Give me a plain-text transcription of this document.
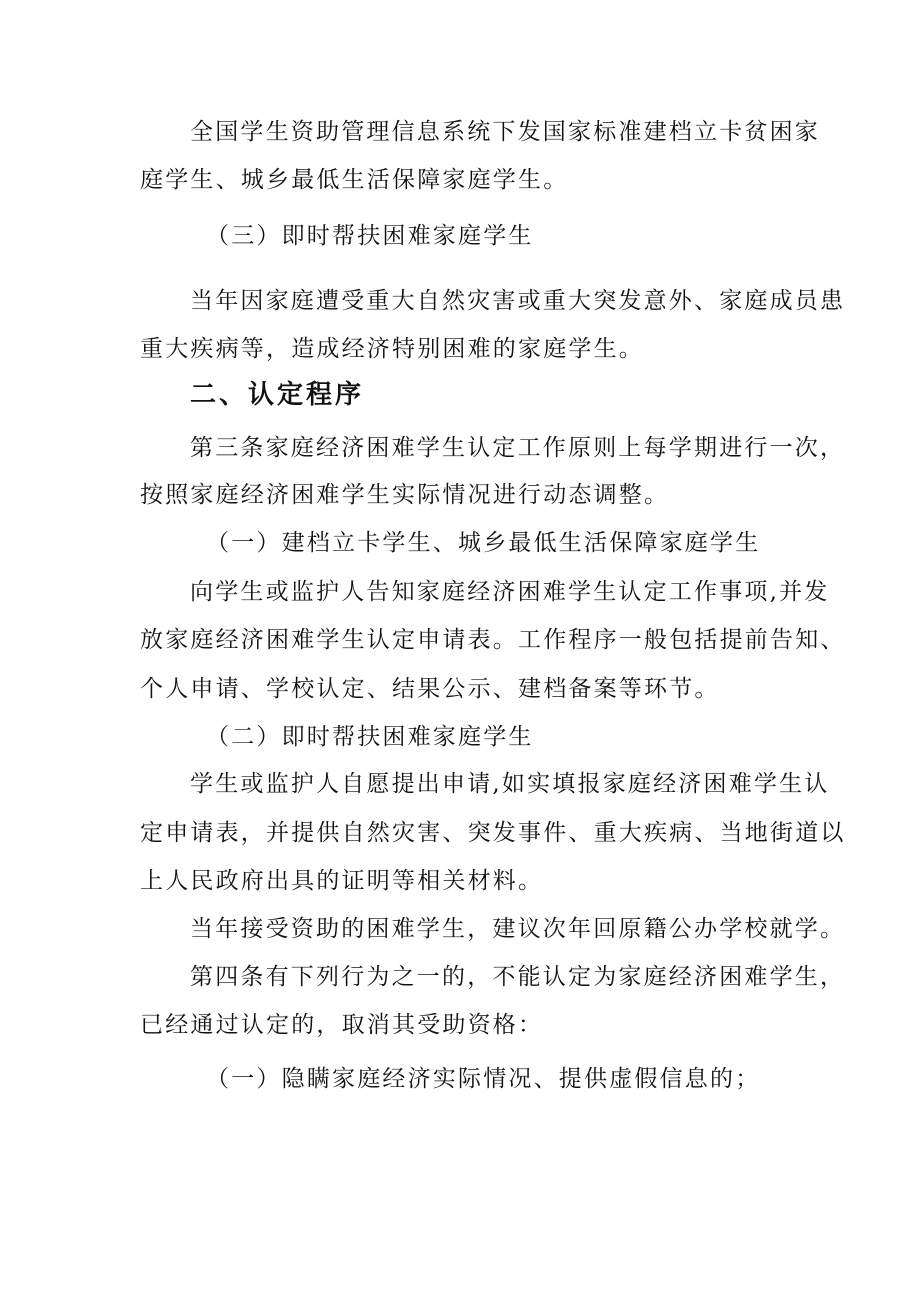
全国学生资助管理信息系统下发国家标准建档立卡贫困家
庭学生、城乡最低生活保障家庭学生。
（三）即时帮扶困难家庭学生
当年因家庭遭受重大自然灾害或重大突发意外、家庭成员患
重大疾病等，造成经济特别困难的家庭学生。
二、认定程序
第三条家庭经济困难学生认定工作原则上每学期进行一次，
按照家庭经济困难学生实际情况进行动态调整。
（一）建档立卡学生、城乡最低生活保障家庭学生
向学生或监护人告知家庭经济困难学生认定工作事项,并发
放家庭经济困难学生认定申请表。工作程序一般包括提前告知、
个人申请、学校认定、结果公示、建档备案等环节。
（二）即时帮扶困难家庭学生
学生或监护人自愿提出申请,如实填报家庭经济困难学生认
定申请表，并提供自然灾害、突发事件、重大疾病、当地街道以
上人民政府出具的证明等相关材料。
当年接受资助的困难学生，建议次年回原籍公办学校就学。
第四条有下列行为之一的，不能认定为家庭经济困难学生，
已经通过认定的，取消其受助资格：
（一）隐瞒家庭经济实际情况、提供虚假信息的；
